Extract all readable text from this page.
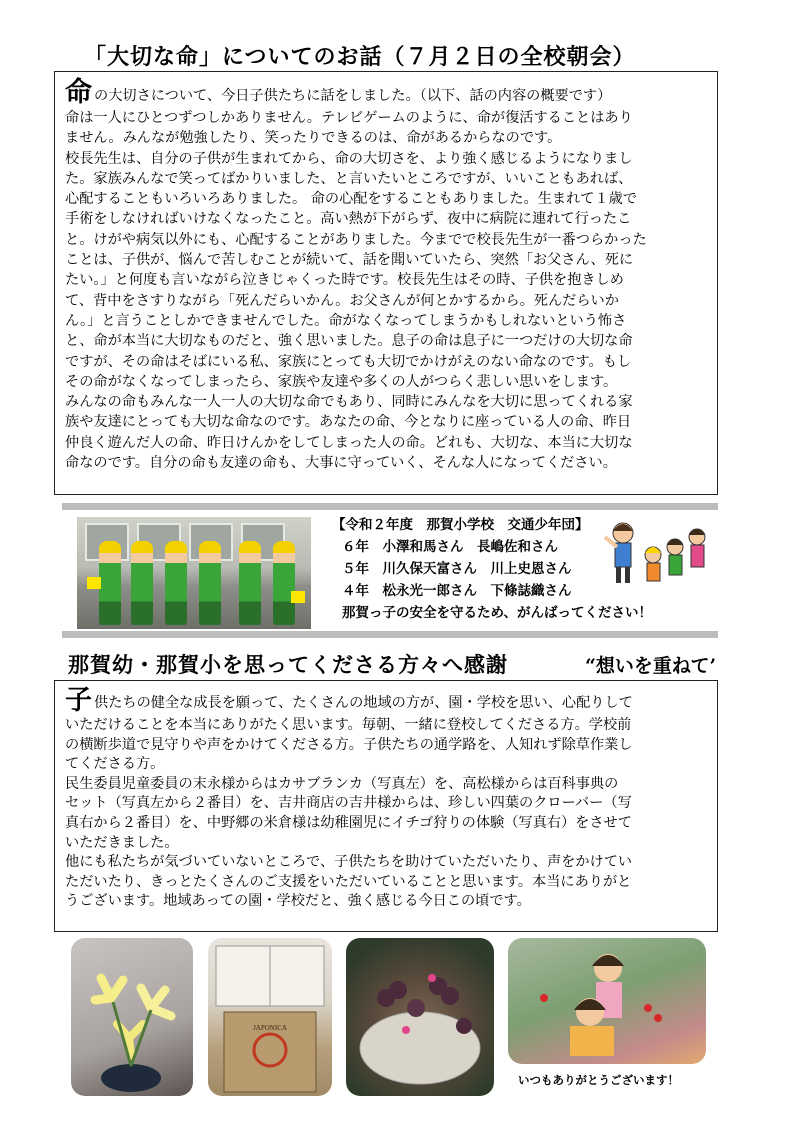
「大切な命」についてのお話（７月２日の全校朝会）
命 の大切さについて、今日子供たちに話をしました。（以下、話の内容の概要です）
命は一人にひとつずつしかありません。テレビゲームのように、命が復活することはあり
ません。みんなが勉強したり、笑ったりできるのは、命があるからなのです。
校長先生は、自分の子供が生まれてから、命の大切さを、より強く感じるようになりまし
た。家族みんなで笑ってばかりいました、と言いたいところですが、いいこともあれば、
心配することもいろいろありました。 命の心配をすることもありました。生まれて１歳で
手術をしなければいけなくなったこと。高い熱が下がらず、夜中に病院に連れて行ったこ
と。けがや病気以外にも、心配することがありました。今までで校長先生が一番つらかった
ことは、子供が、悩んで苦しむことが続いて、話を聞いていたら、突然「お父さん、死に
たい。」と何度も言いながら泣きじゃくった時です。校長先生はその時、子供を抱きしめ
て、背中をさすりながら「死んだらいかん。お父さんが何とかするから。死んだらいか
ん。」と言うことしかできませんでした。命がなくなってしまうかもしれないという怖さ
と、命が本当に大切なものだと、強く思いました。息子の命は息子に一つだけの大切な命
ですが、その命はそばにいる私、家族にとっても大切でかけがえのない命なのです。もし
その命がなくなってしまったら、家族や友達や多くの人がつらく悲しい思いをします。
みんなの命もみんな一人一人の大切な命でもあり、同時にみんなを大切に思ってくれる家
族や友達にとっても大切な命なのです。あなたの命、今となりに座っている人の命、昨日
仲良く遊んだ人の命、昨日けんかをしてしまった人の命。どれも、大切な、本当に大切な
命なのです。自分の命も友達の命も、大事に守っていく、そんな人になってください。
【令和２年度　那賀小学校　交通少年団】
６年　小澤和馬さん　長嶋佐和さん
５年　川久保天富さん　川上史恩さん
４年　松永光一郎さん　下條誌織さん
那賀っ子の安全を守るため、がんばってください！
那賀幼・那賀小を思ってくださる方々へ感謝	“想いを重ねて’
子 供たちの健全な成長を願って、たくさんの地域の方が、園・学校を思い、心配りして
いただけることを本当にありがたく思います。毎朝、一緒に登校してくださる方。学校前
の横断歩道で見守りや声をかけてくださる方。子供たちの通学路を、人知れず除草作業し
てくださる方。
民生委員児童委員の末永様からはカサブランカ（写真左）を、高松様からは百科事典の
セット（写真左から２番目）を、吉井商店の吉井様からは、珍しい四葉のクローバー（写
真右から２番目）を、中野郷の米倉様は幼稚園児にイチゴ狩りの体験（写真右）をさせて
いただきました。
他にも私たちが気づいていないところで、子供たちを助けていただいたり、声をかけてい
ただいたり、きっとたくさんのご支援をいただいていることと思います。本当にありがと
うございます。地域あっての園・学校だと、強く感じる今日この頃です。
JAPONICA
いつもありがとうございます！
